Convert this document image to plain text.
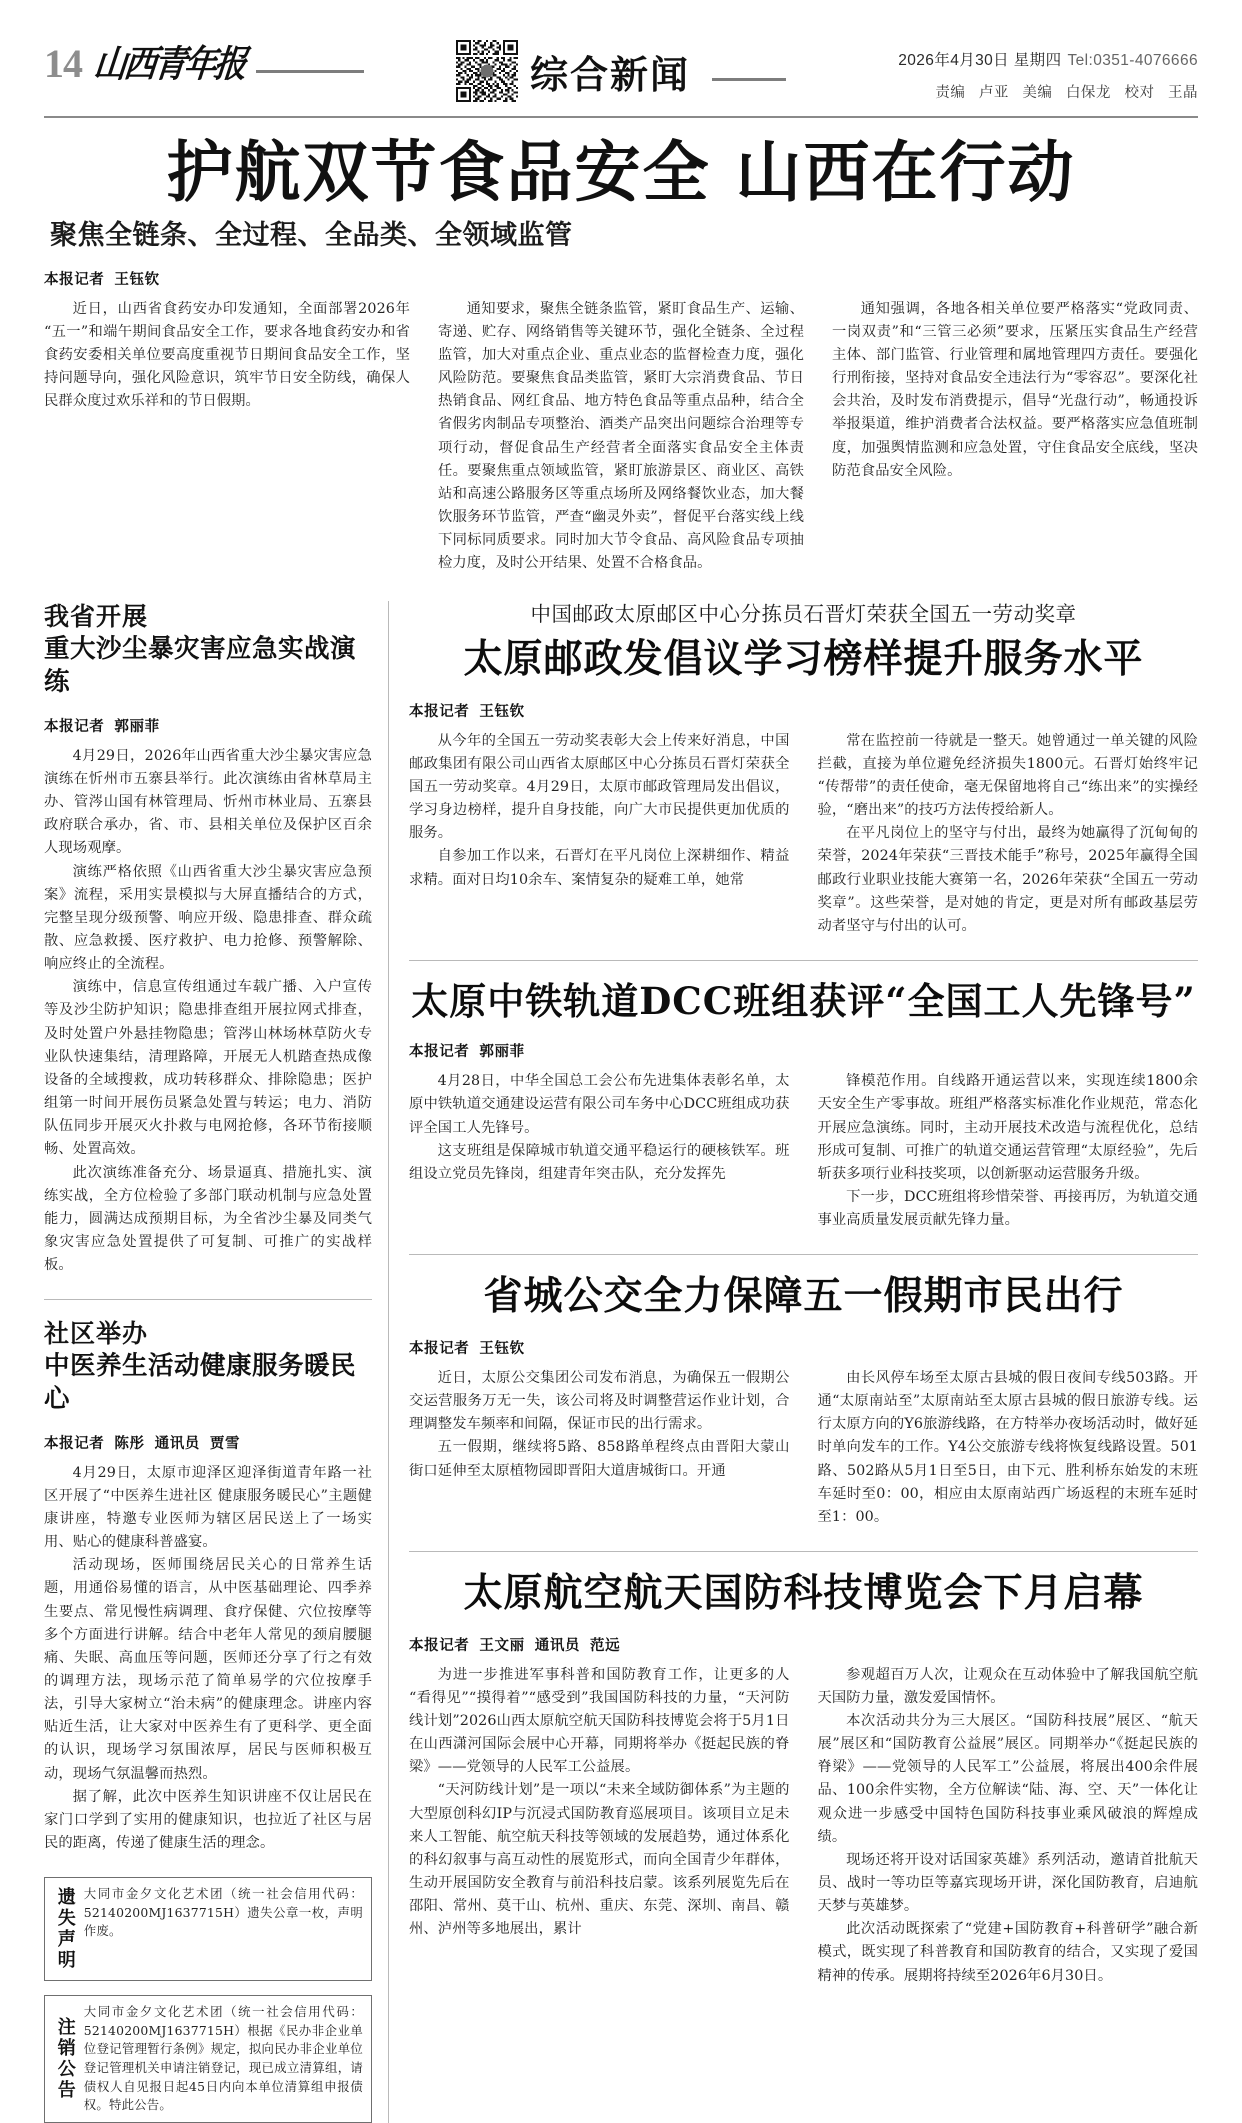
14 山西青年报	综合新闻	2026年4月30日 星期四 Tel:0351-4076666
责编 卢亚 美编 白保龙 校对 王晶
护航双节食品安全 山西在行动
聚焦全链条、全过程、全品类、全领域监管
本报记者 王钰钦

近日，山西省食药安办印发通知，全面部署2026年“五一”和端午期间食品安全工作，要求各地食药安办和省食药安委相关单位要高度重视节日期间食品安全工作，坚持问题导向，强化风险意识，筑牢节日安全防线，确保人民群众度过欢乐祥和的节日假期。

通知要求，聚焦全链条监管，紧盯食品生产、运输、寄递、贮存、网络销售等关键环节，强化全链条、全过程监管，加大对重点企业、重点业态的监督检查力度，强化风险防范。要聚焦食品类监管，紧盯大宗消费食品、节日热销食品、网红食品、地方特色食品等重点品种，结合全省假劣肉制品专项整治、酒类产品突出问题综合治理等专项行动，督促食品生产经营者全面落实食品安全主体责任。要聚焦重点领域监管，紧盯旅游景区、商业区、高铁站和高速公路服务区等重点场所及网络餐饮业态，加大餐饮服务环节监管，严查“幽灵外卖”，督促平台落实线上线下同标同质要求。同时加大节令食品、高风险食品专项抽检力度，及时公开结果、处置不合格食品。

通知强调，各地各相关单位要严格落实“党政同责、一岗双责”和“三管三必须”要求，压紧压实食品生产经营主体、部门监管、行业管理和属地管理四方责任。要强化行刑衔接，坚持对食品安全违法行为“零容忍”。要深化社会共治，及时发布消费提示，倡导“光盘行动”，畅通投诉举报渠道，维护消费者合法权益。要严格落实应急值班制度，加强舆情监测和应急处置，守住食品安全底线，坚决防范食品安全风险。

我省开展
重大沙尘暴灾害应急实战演练
本报记者 郭丽菲

4月29日，2026年山西省重大沙尘暴灾害应急演练在忻州市五寨县举行。此次演练由省林草局主办、管涔山国有林管理局、忻州市林业局、五寨县政府联合承办，省、市、县相关单位及保护区百余人现场观摩。

演练严格依照《山西省重大沙尘暴灾害应急预案》流程，采用实景模拟与大屏直播结合的方式，完整呈现分级预警、响应开级、隐患排查、群众疏散、应急救援、医疗救护、电力抢修、预警解除、响应终止的全流程。

演练中，信息宣传组通过车载广播、入户宣传等及沙尘防护知识；隐患排查组开展拉网式排查，及时处置户外悬挂物隐患；管涔山林场林草防火专业队快速集结，清理路障，开展无人机踏查热成像设备的全域搜救，成功转移群众、排除隐患；医护组第一时间开展伤员紧急处置与转运；电力、消防队伍同步开展灭火扑救与电网抢修，各环节衔接顺畅、处置高效。

此次演练准备充分、场景逼真、措施扎实、演练实战，全方位检验了多部门联动机制与应急处置能力，圆满达成预期目标，为全省沙尘暴及同类气象灾害应急处置提供了可复制、可推广的实战样板。

社区举办
中医养生活动健康服务暖民心
本报记者 陈彤 通讯员 贾雪

4月29日，太原市迎泽区迎泽街道青年路一社区开展了“中医养生进社区 健康服务暖民心”主题健康讲座，特邀专业医师为辖区居民送上了一场实用、贴心的健康科普盛宴。

活动现场，医师围绕居民关心的日常养生话题，用通俗易懂的语言，从中医基础理论、四季养生要点、常见慢性病调理、食疗保健、穴位按摩等多个方面进行讲解。结合中老年人常见的颈肩腰腿痛、失眠、高血压等问题，医师还分享了行之有效的调理方法，现场示范了简单易学的穴位按摩手法，引导大家树立“治未病”的健康理念。讲座内容贴近生活，让大家对中医养生有了更科学、更全面的认识，现场学习氛围浓厚，居民与医师积极互动，现场气氛温馨而热烈。

据了解，此次中医养生知识讲座不仅让居民在家门口学到了实用的健康知识，也拉近了社区与居民的距离，传递了健康生活的理念。

遗失声明 大同市金夕文化艺术团（统一社会信用代码：52140200MJ1637715H）遗失公章一枚，声明作废。
注销公告
大同市金夕文化艺术团（统一社会信用代码：52140200MJ1637715H）根据《民办非企业单位登记管理暂行条例》规定，拟向民办非企业单位登记管理机关申请注销登记，现已成立清算组，请债权人自见报日起45日内向本单位清算组申报债权。特此公告。
中国邮政太原邮区中心分拣员石晋灯荣获全国五一劳动奖章
太原邮政发倡议学习榜样提升服务水平
本报记者 王钰钦

从今年的全国五一劳动奖表彰大会上传来好消息，中国邮政集团有限公司山西省太原邮区中心分拣员石晋灯荣获全国五一劳动奖章。4月29日，太原市邮政管理局发出倡议，学习身边榜样，提升自身技能，向广大市民提供更加优质的服务。

自参加工作以来，石晋灯在平凡岗位上深耕细作、精益求精。面对日均10余车、案情复杂的疑难工单，她常

常在监控前一待就是一整天。她曾通过一单关键的风险拦截，直接为单位避免经济损失1800元。石晋灯始终牢记“传帮带”的责任使命，毫无保留地将自己“练出来”的实操经验，“磨出来”的技巧方法传授给新人。

在平凡岗位上的坚守与付出，最终为她赢得了沉甸甸的荣誉，2024年荣获“三晋技术能手”称号，2025年赢得全国邮政行业职业技能大赛第一名，2026年荣获“全国五一劳动奖章”。这些荣誉，是对她的肯定，更是对所有邮政基层劳动者坚守与付出的认可。

太原中铁轨道DCC班组获评“全国工人先锋号”
本报记者 郭丽菲

4月28日，中华全国总工会公布先进集体表彰名单，太原中铁轨道交通建设运营有限公司车务中心DCC班组成功获评全国工人先锋号。

这支班组是保障城市轨道交通平稳运行的硬核铁军。班组设立党员先锋岗，组建青年突击队，充分发挥先

锋模范作用。自线路开通运营以来，实现连续1800余天安全生产零事故。班组严格落实标准化作业规范，常态化开展应急演练。同时，主动开展技术改造与流程优化，总结形成可复制、可推广的轨道交通运营管理“太原经验”，先后斩获多项行业科技奖项，以创新驱动运营服务升级。

下一步，DCC班组将珍惜荣誉、再接再厉，为轨道交通事业高质量发展贡献先锋力量。

省城公交全力保障五一假期市民出行
本报记者 王钰钦

近日，太原公交集团公司发布消息，为确保五一假期公交运营服务万无一失，该公司将及时调整营运作业计划，合理调整发车频率和间隔，保证市民的出行需求。

五一假期，继续将5路、858路单程终点由晋阳大蒙山街口延伸至太原植物园即晋阳大道唐城街口。开通

由长风停车场至太原古县城的假日夜间专线503路。开通“太原南站至”太原南站至太原古县城的假日旅游专线。运行太原方向的Y6旅游线路，在方特举办夜场活动时，做好延时单向发车的工作。Y4公交旅游专线将恢复线路设置。501路、502路从5月1日至5日，由下元、胜利桥东始发的末班车延时至0：00，相应由太原南站西广场返程的末班车延时至1：00。

太原航空航天国防科技博览会下月启幕
本报记者 王文丽 通讯员 范远

为进一步推进军事科普和国防教育工作，让更多的人“看得见”“摸得着”“感受到”我国国防科技的力量，“天河防线计划”2026山西太原航空航天国防科技博览会将于5月1日在山西潇河国际会展中心开幕，同期将举办《挺起民族的脊梁》——党领导的人民军工公益展。

“天河防线计划”是一项以“未来全域防御体系”为主题的大型原创科幻IP与沉浸式国防教育巡展项目。该项目立足未来人工智能、航空航天科技等领域的发展趋势，通过体系化的科幻叙事与高互动性的展览形式，而向全国青少年群体，生动开展国防安全教育与前沿科技启蒙。该系列展览先后在邵阳、常州、莫干山、杭州、重庆、东莞、深圳、南昌、赣州、泸州等多地展出，累计

参观超百万人次，让观众在互动体验中了解我国航空航天国防力量，激发爱国情怀。

本次活动共分为三大展区。“国防科技展”展区、“航天展”展区和“国防教育公益展”展区。同期举办“《挺起民族的脊梁》——党领导的人民军工”公益展，将展出400余件展品、100余件实物，全方位解读“陆、海、空、天”一体化让观众进一步感受中国特色国防科技事业乘风破浪的辉煌成绩。

现场还将开设对话国家英雄》系列活动，邀请首批航天员、战时一等功臣等嘉宾现场开讲，深化国防教育，启迪航天梦与英雄梦。

此次活动既探索了“党建+国防教育+科普研学”融合新模式，既实现了科普教育和国防教育的结合，又实现了爱国精神的传承。展期将持续至2026年6月30日。
